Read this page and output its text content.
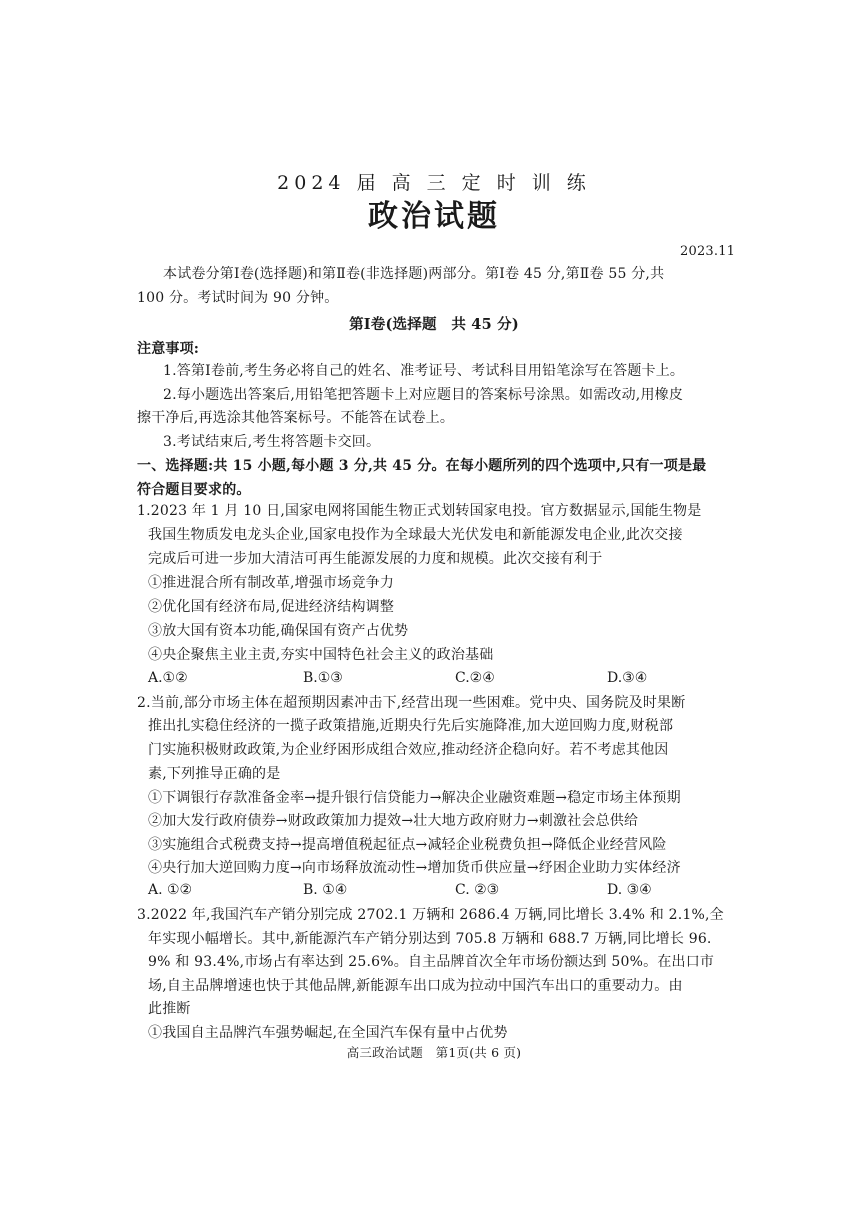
2024 届 高 三 定 时 训 练
政治试题
2023.11
本试卷分第Ⅰ卷(选择题)和第Ⅱ卷(非选择题)两部分。第Ⅰ卷 45 分,第Ⅱ卷 55 分,共
100 分。考试时间为 90 分钟。
第Ⅰ卷(选择题　共 45 分)
注意事项:
1.答第Ⅰ卷前,考生务必将自己的姓名、准考证号、考试科目用铅笔涂写在答题卡上。
2.每小题选出答案后,用铅笔把答题卡上对应题目的答案标号涂黑。如需改动,用橡皮
擦干净后,再选涂其他答案标号。不能答在试卷上。
3.考试结束后,考生将答题卡交回。
一、选择题:共 15 小题,每小题 3 分,共 45 分。在每小题所列的四个选项中,只有一项是最
符合题目要求的。
1.2023 年 1 月 10 日,国家电网将国能生物正式划转国家电投。官方数据显示,国能生物是
我国生物质发电龙头企业,国家电投作为全球最大光伏发电和新能源发电企业,此次交接
完成后可进一步加大清洁可再生能源发展的力度和规模。此次交接有利于
①推进混合所有制改革,增强市场竞争力
②优化国有经济布局,促进经济结构调整
③放大国有资本功能,确保国有资产占优势
④央企聚焦主业主责,夯实中国特色社会主义的政治基础
A.①②	B.①③	C.②④	D.③④
2.当前,部分市场主体在超预期因素冲击下,经营出现一些困难。党中央、国务院及时果断
推出扎实稳住经济的一揽子政策措施,近期央行先后实施降准,加大逆回购力度,财税部
门实施积极财政政策,为企业纾困形成组合效应,推动经济企稳向好。若不考虑其他因
素,下列推导正确的是
①下调银行存款准备金率→提升银行信贷能力→解决企业融资难题→稳定市场主体预期
②加大发行政府债券→财政政策加力提效→壮大地方政府财力→刺激社会总供给
③实施组合式税费支持→提高增值税起征点→减轻企业税费负担→降低企业经营风险
④央行加大逆回购力度→向市场释放流动性→增加货币供应量→纾困企业助力实体经济
A. ①②	B. ①④	C. ②③	D. ③④
3.2022 年,我国汽车产销分别完成 2702.1 万辆和 2686.4 万辆,同比增长 3.4% 和 2.1%,全
年实现小幅增长。其中,新能源汽车产销分别达到 705.8 万辆和 688.7 万辆,同比增长 96.
9% 和 93.4%,市场占有率达到 25.6%。自主品牌首次全年市场份额达到 50%。在出口市
场,自主品牌增速也快于其他品牌,新能源车出口成为拉动中国汽车出口的重要动力。由
此推断
①我国自主品牌汽车强势崛起,在全国汽车保有量中占优势
高三政治试题　第1页(共 6 页)
